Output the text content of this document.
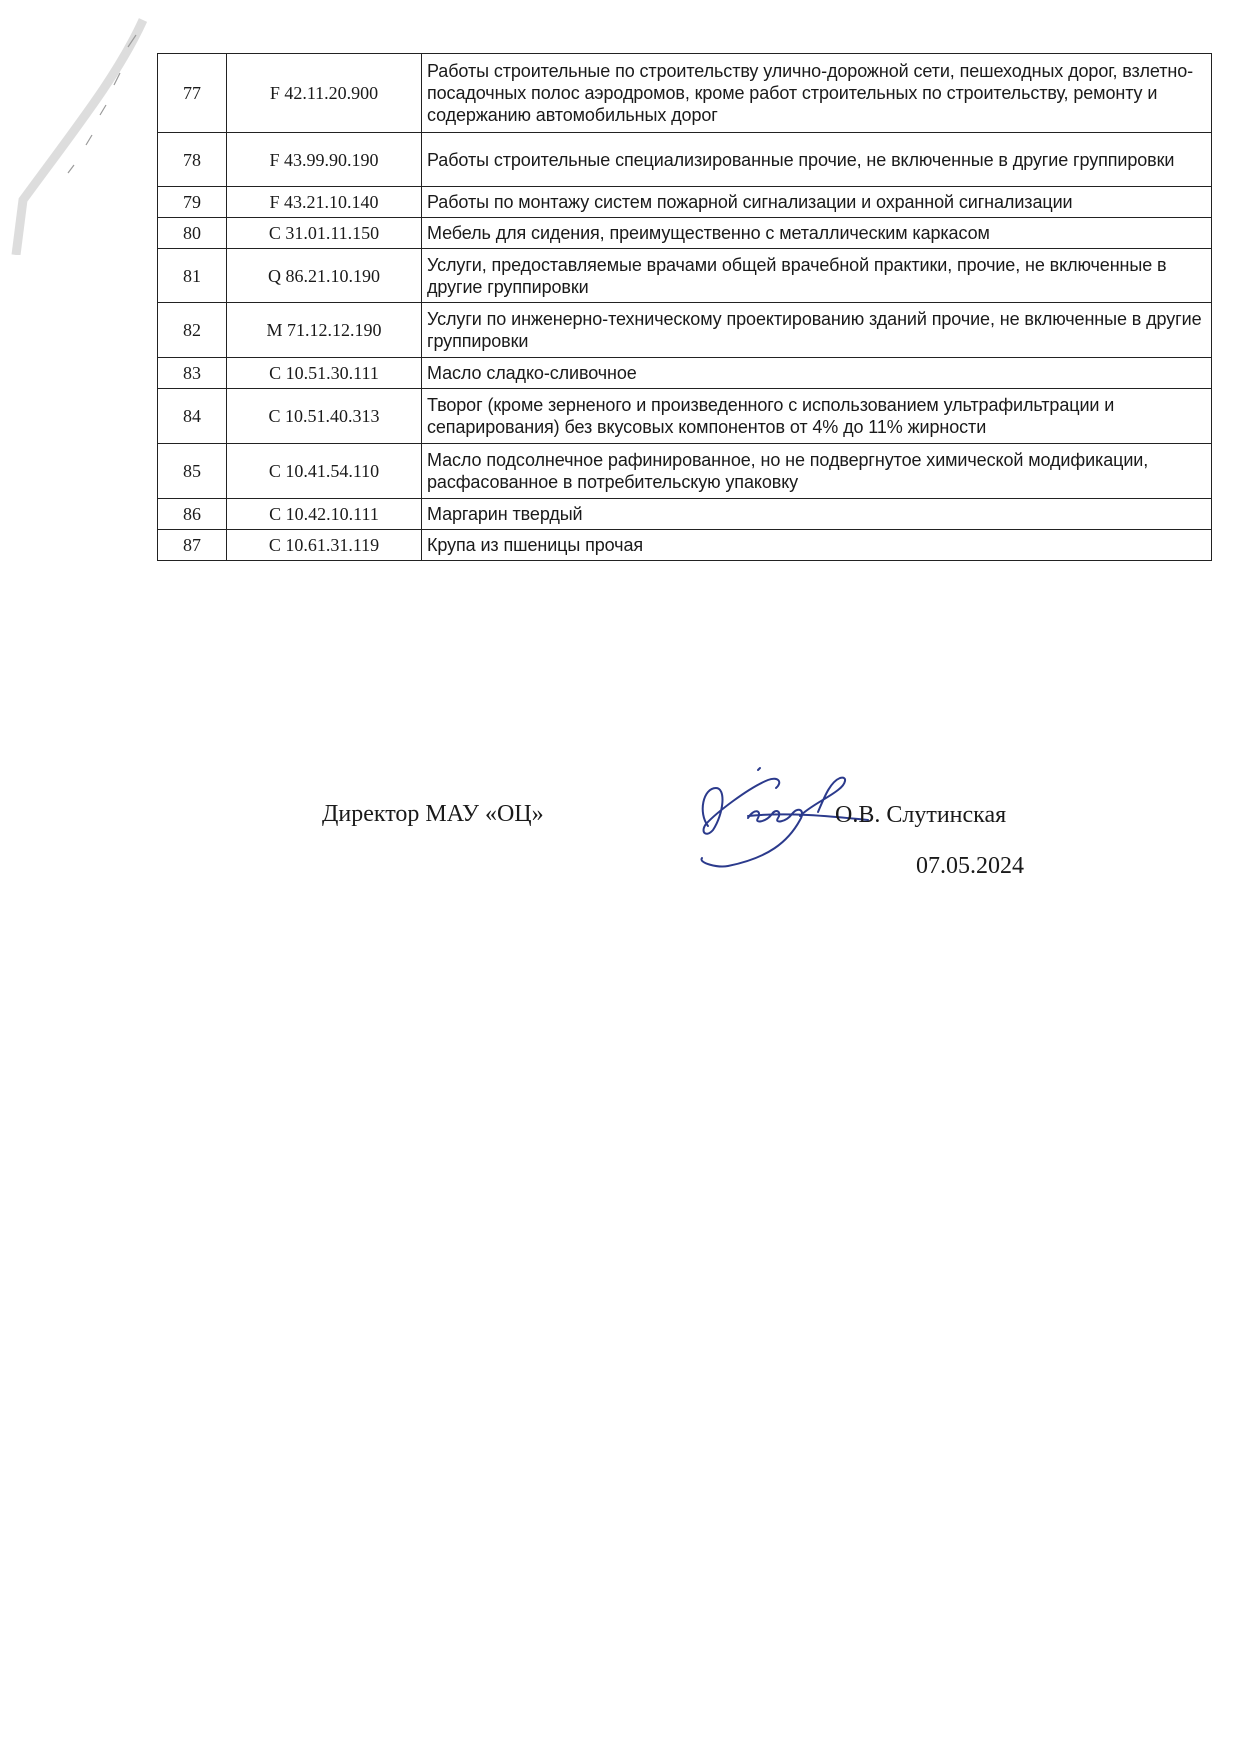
77	F 42.11.20.900	Работы строительные по строительству улично-дорожной сети, пешеходных дорог, взлетно-посадочных полос аэродромов, кроме работ строительных по строительству, ремонту и содержанию автомобильных дорог
78	F 43.99.90.190	Работы строительные специализированные прочие, не включенные в другие группировки
79	F 43.21.10.140	Работы по монтажу систем пожарной сигнализации и охранной сигнализации
80	C 31.01.11.150	Мебель для сидения, преимущественно с металлическим каркасом
81	Q 86.21.10.190	Услуги, предоставляемые врачами общей врачебной практики, прочие, не включенные в другие группировки
82	M 71.12.12.190	Услуги по инженерно-техническому проектированию зданий прочие, не включенные в другие группировки
83	C 10.51.30.111	Масло сладко-сливочное
84	C 10.51.40.313	Творог (кроме зерненого и произведенного с использованием ультрафильтрации и сепарирования) без вкусовых компонентов от 4% до 11% жирности
85	C 10.41.54.110	Масло подсолнечное рафинированное, но не подвергнутое химической модификации, расфасованное в потребительскую упаковку
86	C 10.42.10.111	Маргарин твердый
87	C 10.61.31.119	Крупа из пшеницы прочая
Директор МАУ «ОЦ»	О.В. Слутинская
07.05.2024
